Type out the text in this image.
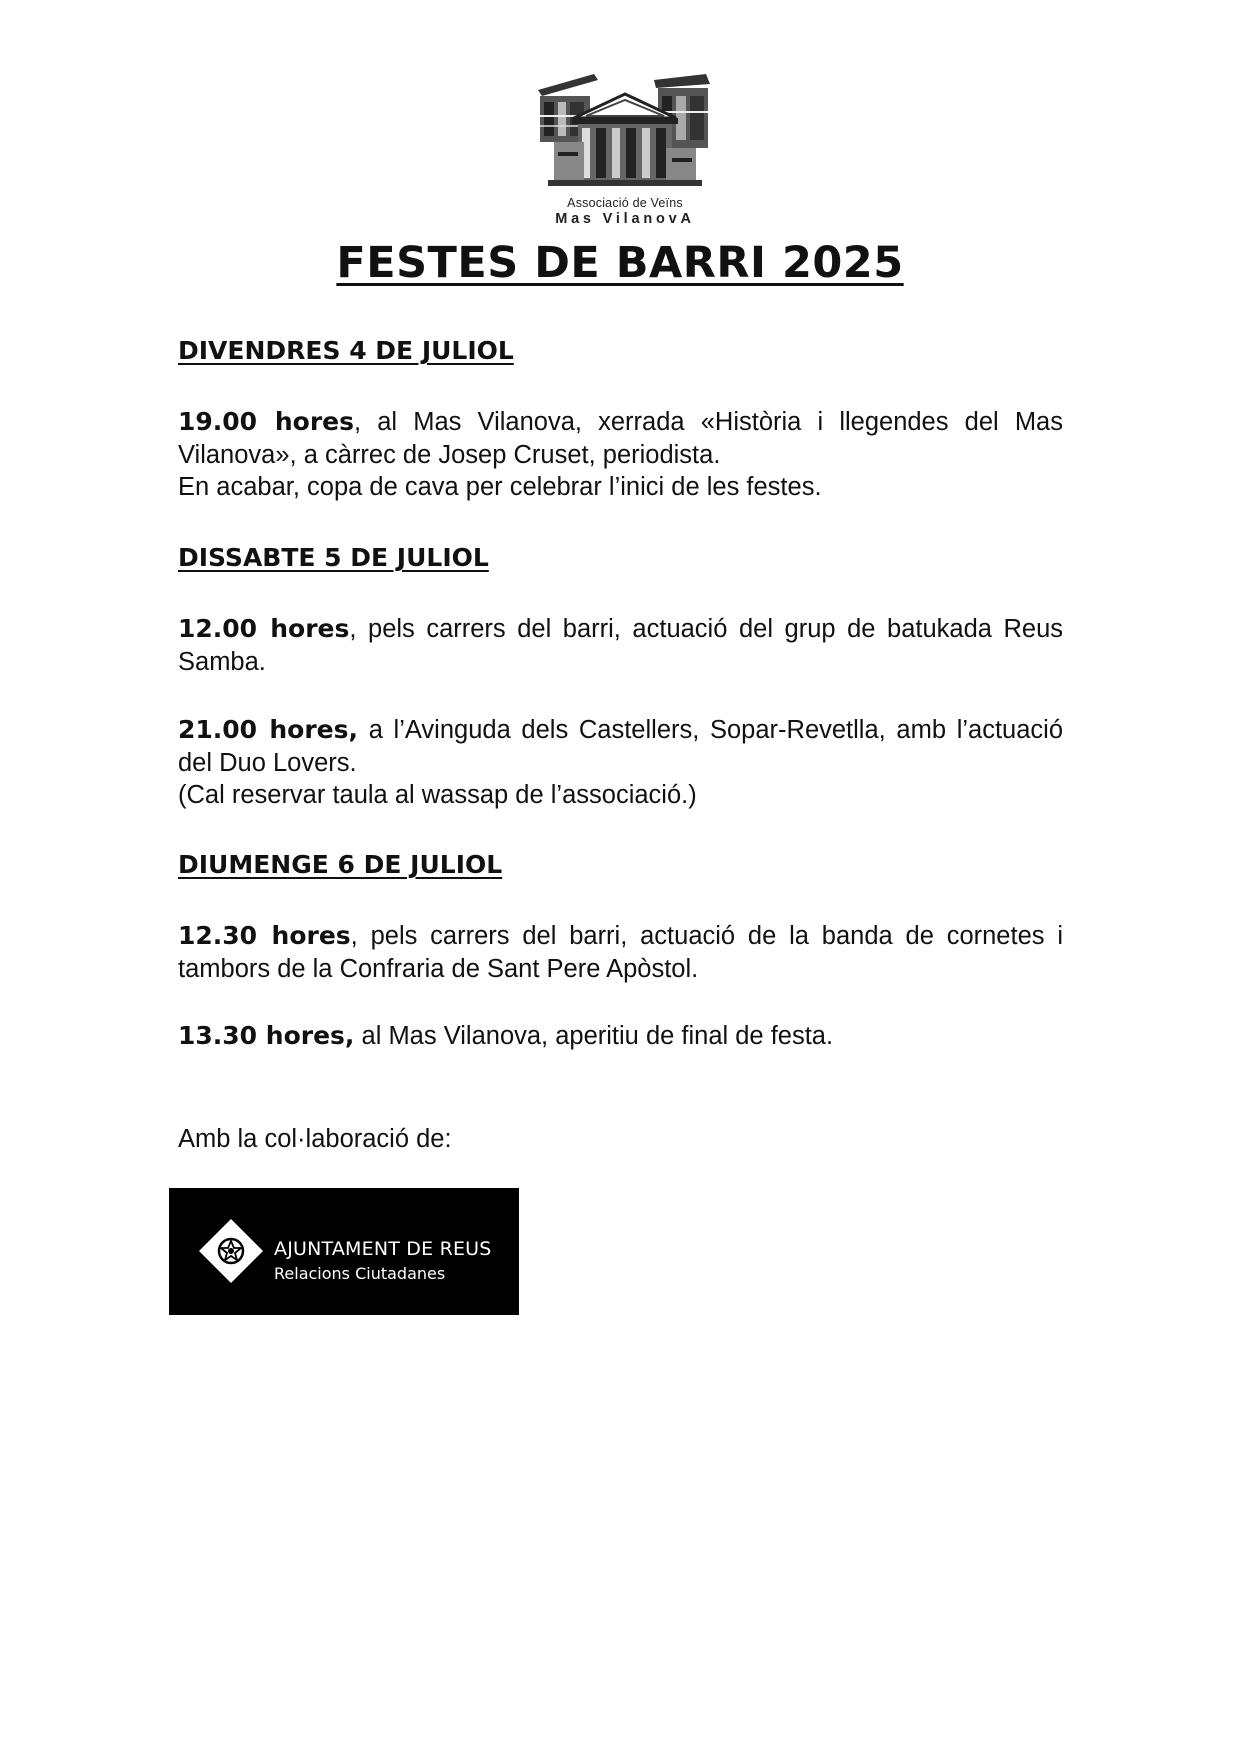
Associació de Veïns
Mas VilanovA
FESTES DE BARRI 2025
DIVENDRES 4 DE JULIOL

19.00 hores, al Mas Vilanova, xerrada «Història i llegendes del Mas Vilanova», a càrrec de Josep Cruset, periodista.
En acabar, copa de cava per celebrar l’inici de les festes.

DISSABTE 5 DE JULIOL

12.00 hores, pels carrers del barri, actuació del grup de batukada Reus Samba.

21.00 hores, a l’Avinguda dels Castellers, Sopar-Revetlla, amb l’actuació del Duo Lovers.
(Cal reservar taula al wassap de l’associació.)

DIUMENGE 6 DE JULIOL

12.30 hores, pels carrers del barri, actuació de la banda de cornetes i tambors de la Confraria de Sant Pere Apòstol.

13.30 hores, al Mas Vilanova, aperitiu de final de festa.

Amb la col·laboració de:

AJUNTAMENT DE REUS
Relacions Ciutadanes
